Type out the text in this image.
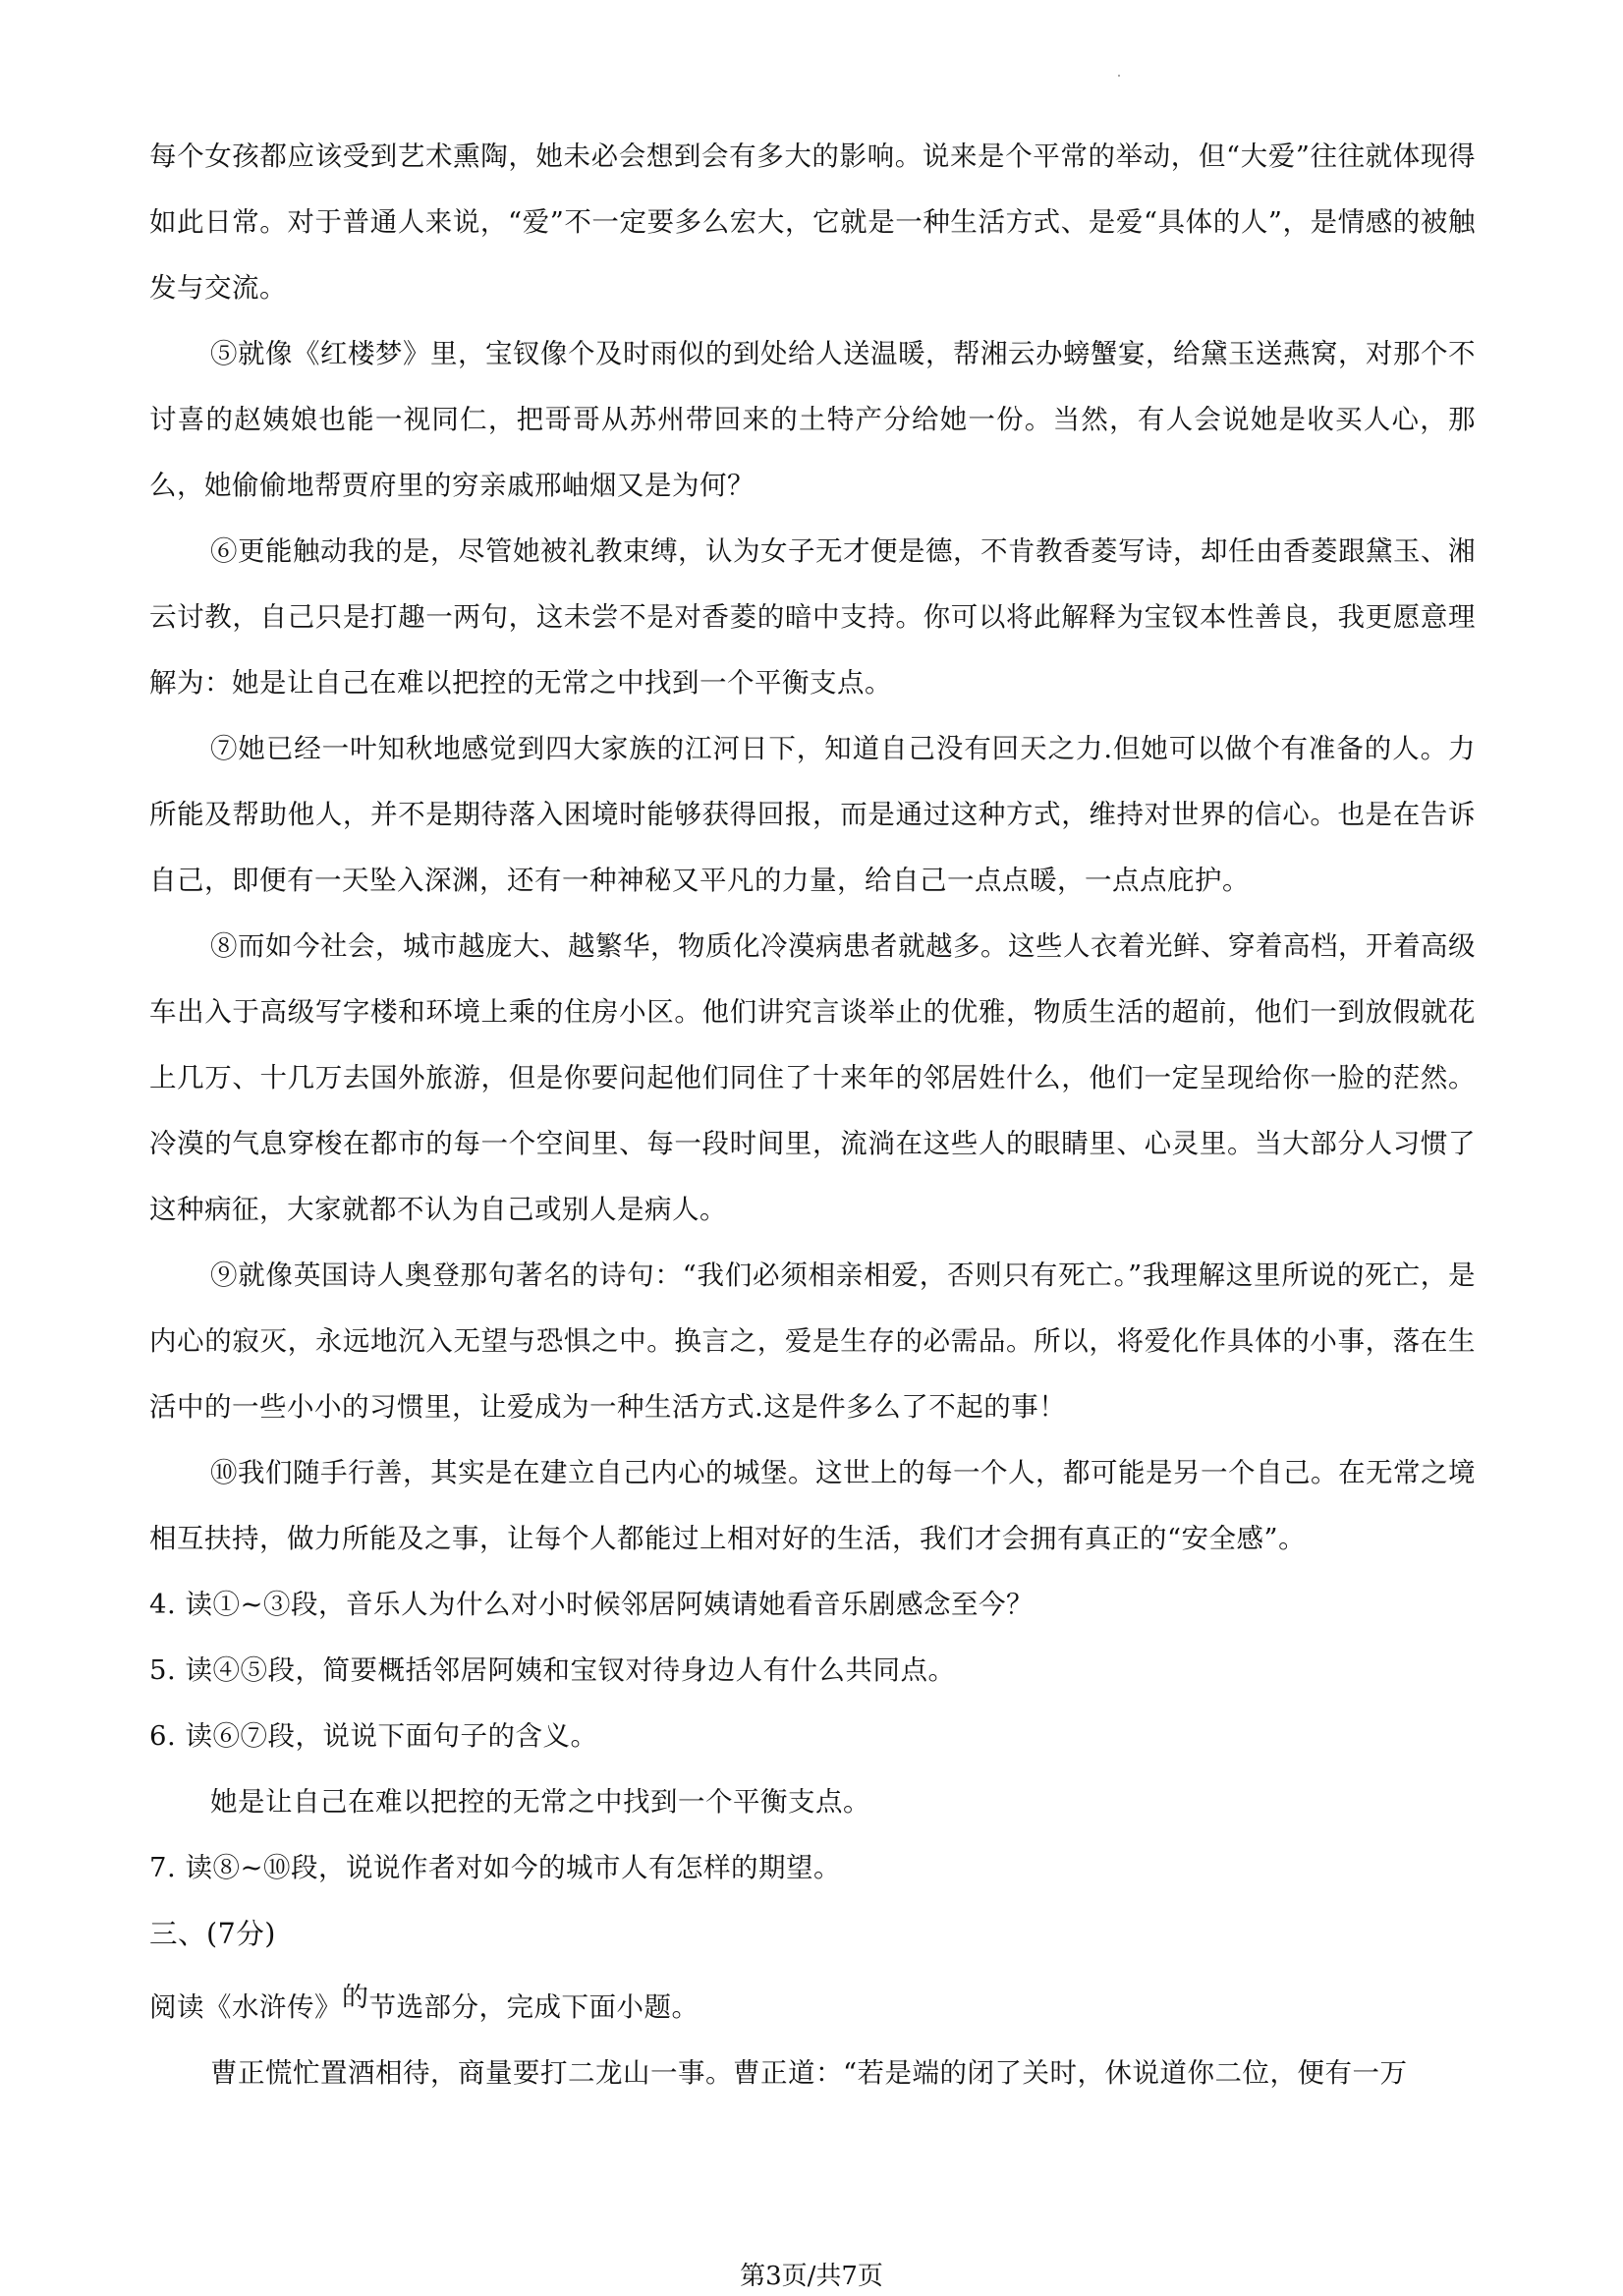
每个女孩都应该受到艺术熏陶，她未必会想到会有多大的影响。说来是个平常的举动，但“大爱”往往就体现得如此日常。对于普通人来说，“爱”不一定要多么宏大，它就是一种生活方式、是爱“具体的人”，是情感的被触发与交流。

⑤就像《红楼梦》里，宝钗像个及时雨似的到处给人送温暖，帮湘云办螃蟹宴，给黛玉送燕窝，对那个不讨喜的赵姨娘也能一视同仁，把哥哥从苏州带回来的土特产分给她一份。当然，有人会说她是收买人心，那么，她偷偷地帮贾府里的穷亲戚邢岫烟又是为何？

⑥更能触动我的是，尽管她被礼教束缚，认为女子无才便是德，不肯教香菱写诗，却任由香菱跟黛玉、湘云讨教，自己只是打趣一两句，这未尝不是对香菱的暗中支持。你可以将此解释为宝钗本性善良，我更愿意理解为：她是让自己在难以把控的无常之中找到一个平衡支点。

⑦她已经一叶知秋地感觉到四大家族的江河日下，知道自己没有回天之力.但她可以做个有准备的人。力所能及帮助他人，并不是期待落入困境时能够获得回报，而是通过这种方式，维持对世界的信心。也是在告诉自己，即便有一天坠入深渊，还有一种神秘又平凡的力量，给自己一点点暖，一点点庇护。

⑧而如今社会，城市越庞大、越繁华，物质化冷漠病患者就越多。这些人衣着光鲜、穿着高档，开着高级车出入于高级写字楼和环境上乘的住房小区。他们讲究言谈举止的优雅，物质生活的超前，他们一到放假就花上几万、十几万去国外旅游，但是你要问起他们同住了十来年的邻居姓什么，他们一定呈现给你一脸的茫然。冷漠的气息穿梭在都市的每一个空间里、每一段时间里，流淌在这些人的眼睛里、心灵里。当大部分人习惯了这种病征，大家就都不认为自己或别人是病人。

⑨就像英国诗人奥登那句著名的诗句：“我们必须相亲相爱，否则只有死亡。”我理解这里所说的死亡，是内心的寂灭，永远地沉入无望与恐惧之中。换言之，爱是生存的必需品。所以，将爱化作具体的小事，落在生活中的一些小小的习惯里，让爱成为一种生活方式.这是件多么了不起的事！

⑩我们随手行善，其实是在建立自己内心的城堡。这世上的每一个人，都可能是另一个自己。在无常之境相互扶持，做力所能及之事，让每个人都能过上相对好的生活，我们才会拥有真正的“安全感”。

4. 读①~③段，音乐人为什么对小时候邻居阿姨请她看音乐剧感念至今？

5. 读④⑤段，简要概括邻居阿姨和宝钗对待身边人有什么共同点。

6. 读⑥⑦段，说说下面句子的含义。

她是让自己在难以把控的无常之中找到一个平衡支点。

7. 读⑧~⑩段，说说作者对如今的城市人有怎样的期望。

三、(7分)

阅读《水浒传》的节选部分，完成下面小题。

曹正慌忙置酒相待，商量要打二龙山一事。曹正道：“若是端的闭了关时，休说道你二位，便有一万

第3页/共7页
